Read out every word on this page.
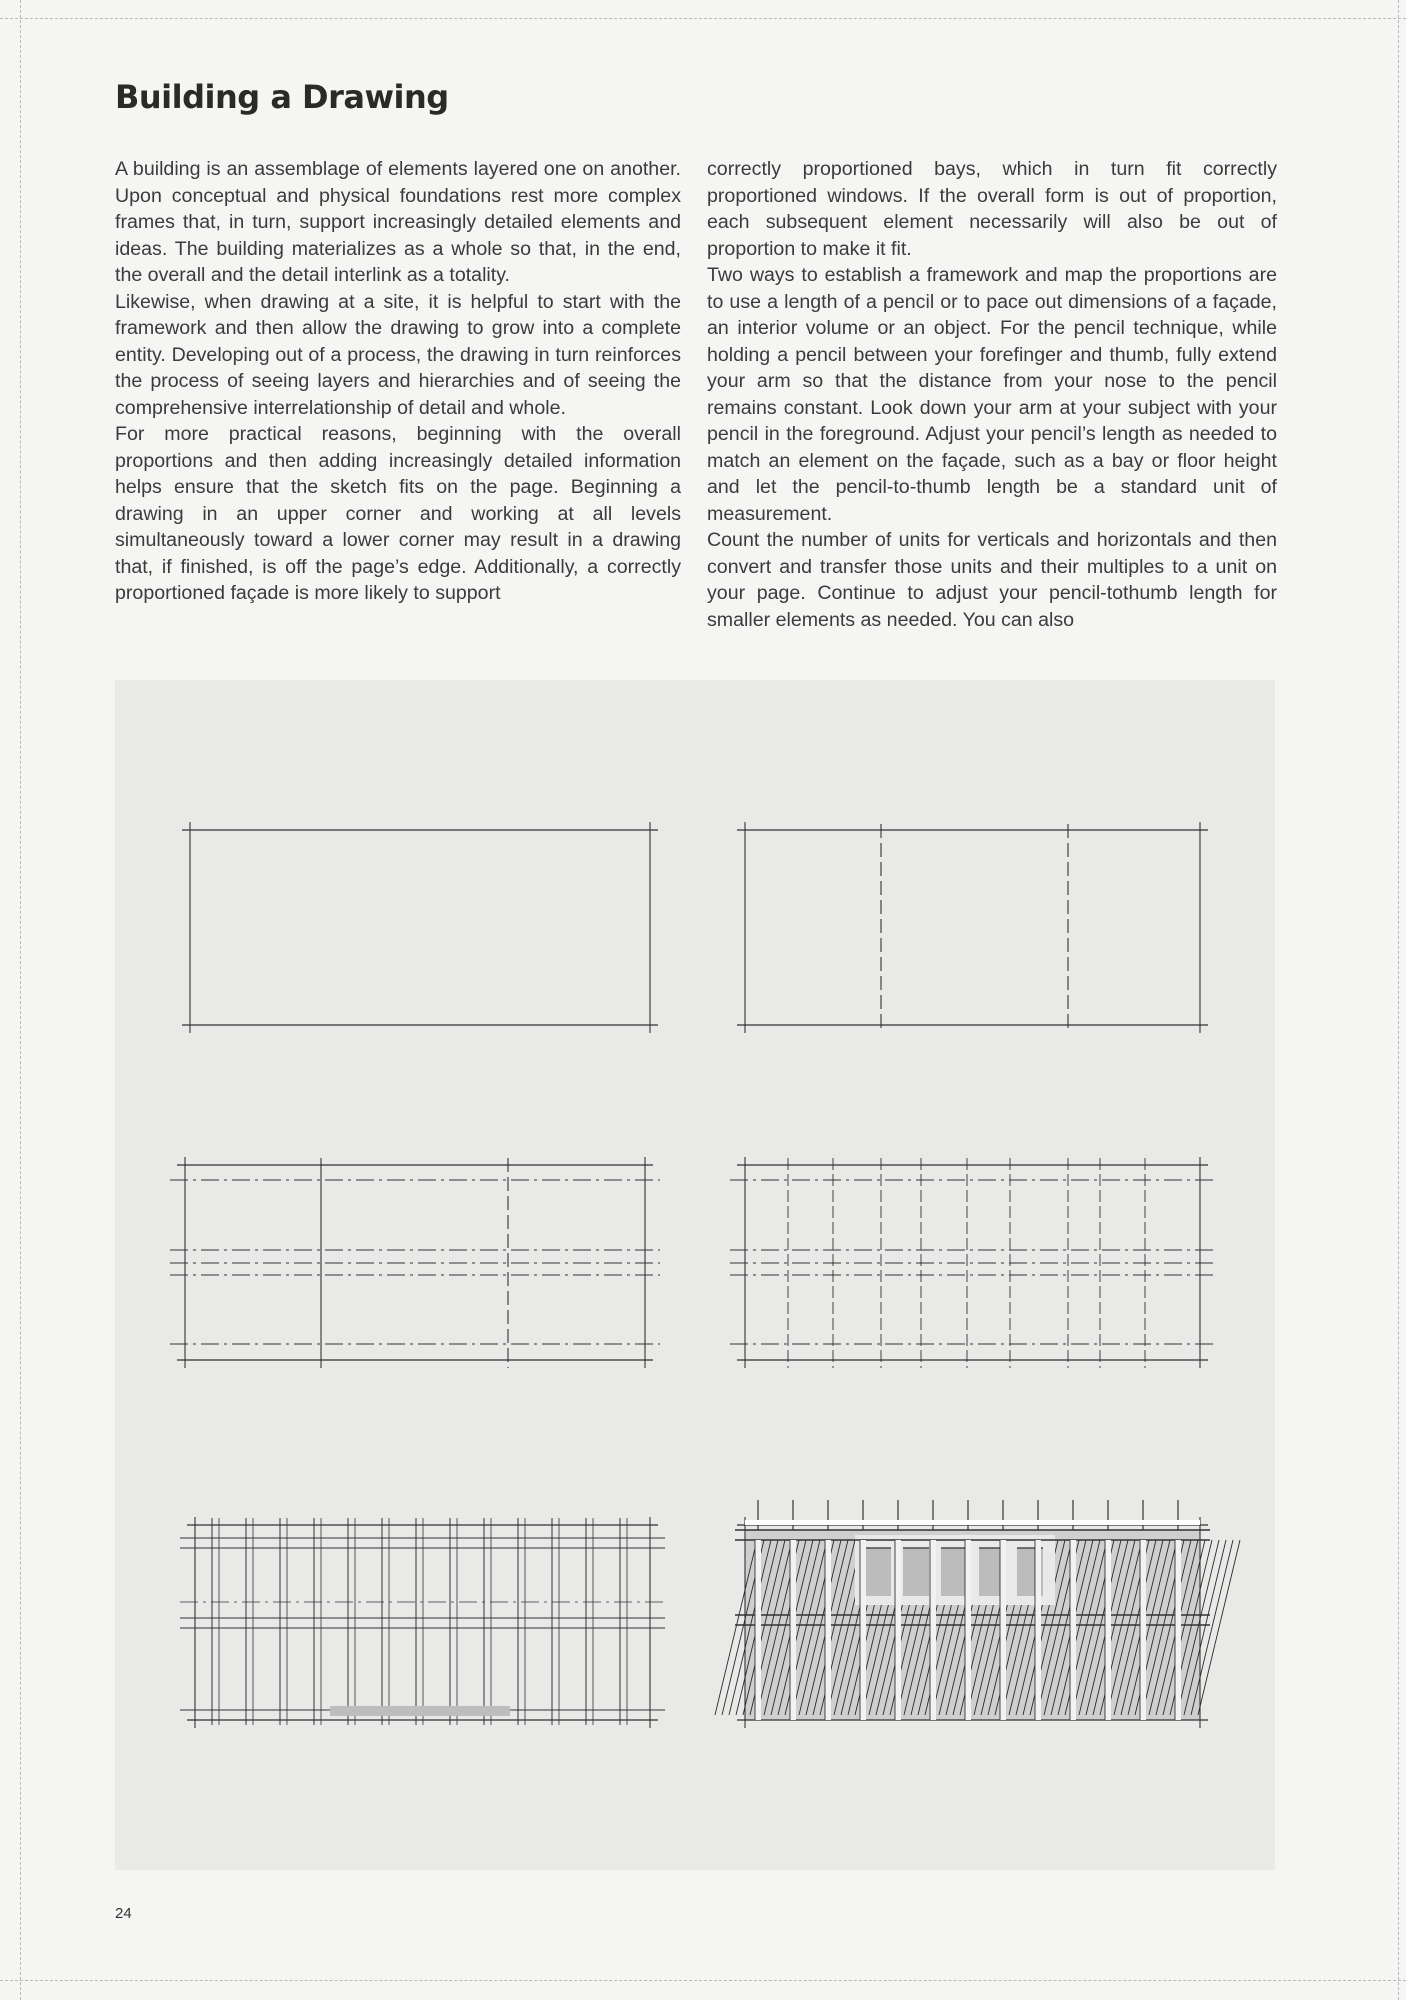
Building a Drawing

A building is an assemblage of elements layered one on another. Upon conceptual and physical foundations rest more complex frames that, in turn, support increasingly detailed elements and ideas. The building materializes as a whole so that, in the end, the overall and the detail interlink as a totality.

Likewise, when drawing at a site, it is helpful to start with the framework and then allow the drawing to grow into a complete entity. Developing out of a process, the drawing in turn reinforces the process of seeing layers and hierarchies and of seeing the comprehensive interrelationship of detail and whole.

For more practical reasons, beginning with the overall proportions and then adding increasingly detailed information helps ensure that the sketch fits on the page. Beginning a drawing in an upper corner and working at all levels simultaneously toward a lower corner may result in a drawing that, if finished, is off the page’s edge. Additionally, a correctly proportioned façade is more likely to support

correctly proportioned bays, which in turn fit correctly proportioned windows. If the overall form is out of proportion, each subsequent element necessarily will also be out of proportion to make it fit.

Two ways to establish a framework and map the proportions are to use a length of a pencil or to pace out dimensions of a façade, an interior volume or an object. For the pencil technique, while holding a pencil between your forefinger and thumb, fully extend your arm so that the distance from your nose to the pencil remains constant. Look down your arm at your subject with your pencil in the foreground. Adjust your pencil’s length as needed to match an element on the façade, such as a bay or floor height and let the pencil-to-thumb length be a standard unit of measurement.

Count the number of units for verticals and horizontals and then convert and transfer those units and their multiples to a unit on your page. Continue to adjust your pencil-tothumb length for smaller elements as needed. You can also

24
